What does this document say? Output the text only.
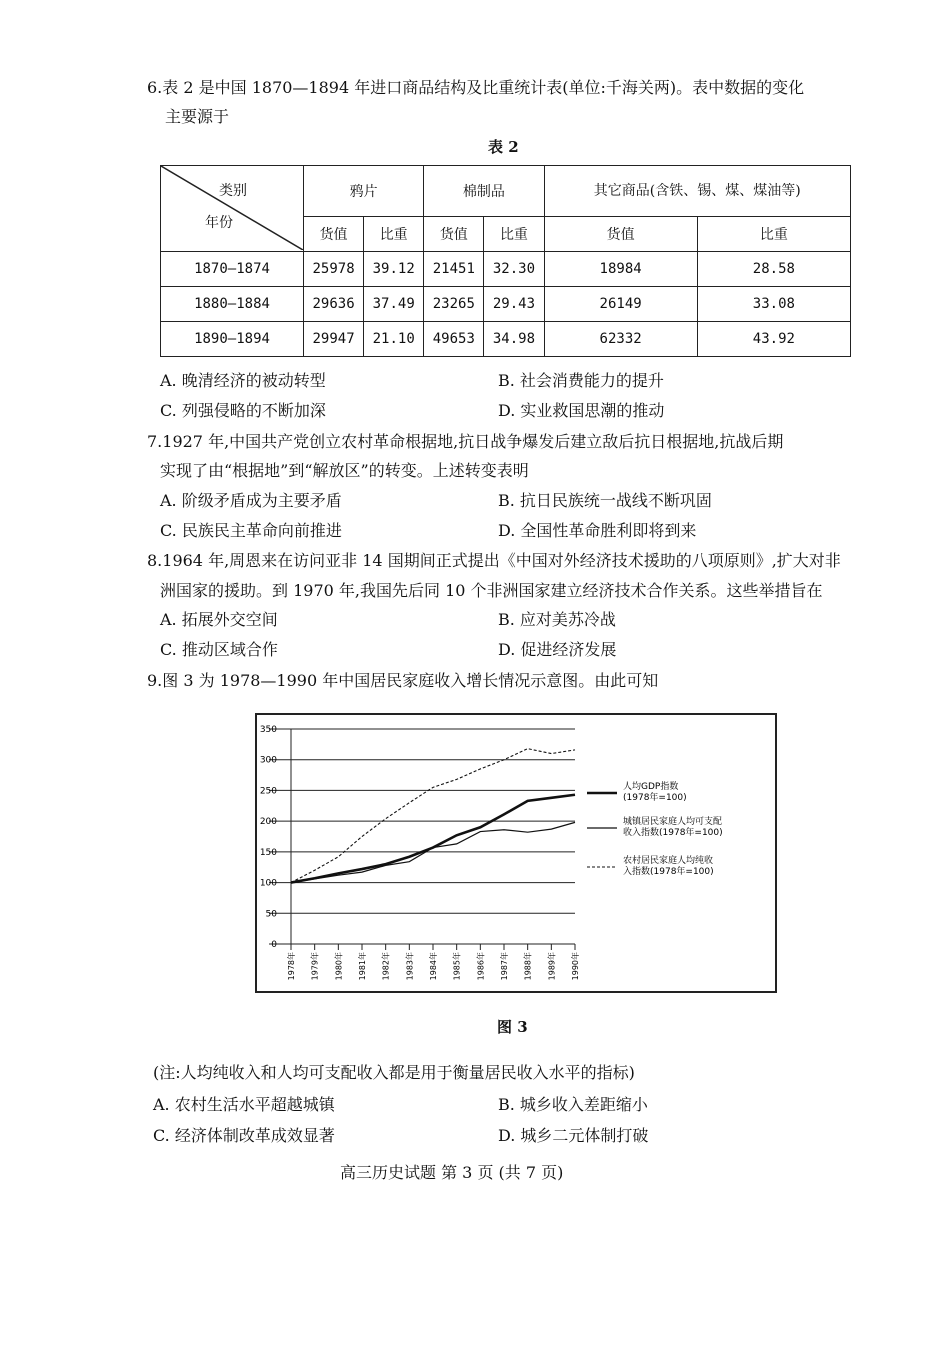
6.表 2 是中国 1870—1894 年进口商品结构及比重统计表(单位:千海关两)。表中数据的变化
主要源于
表 2
类别
年份	鸦片		棉制品		其它商品(含铁、锡、煤、煤油等)	
	货值	比重	货值	比重	货值	比重
1870—1874	25978	39.12	21451	32.30	18984	28.58
1880—1884	29636	37.49	23265	29.43	26149	33.08
1890—1894	29947	21.10	49653	34.98	62332	43.92
A. 晚清经济的被动转型	B. 社会消费能力的提升
C. 列强侵略的不断加深	D. 实业救国思潮的推动
7.1927 年,中国共产党创立农村革命根据地,抗日战争爆发后建立敌后抗日根据地,抗战后期
实现了由“根据地”到“解放区”的转变。上述转变表明
A. 阶级矛盾成为主要矛盾	B. 抗日民族统一战线不断巩固
C. 民族民主革命向前推进	D. 全国性革命胜利即将到来
8.1964 年,周恩来在访问亚非 14 国期间正式提出《中国对外经济技术援助的八项原则》,扩大对非
洲国家的援助。到 1970 年,我国先后同 10 个非洲国家建立经济技术合作关系。这些举措旨在
A. 拓展外交空间	B. 应对美苏冷战
C. 推动区域合作	D. 促进经济发展
9.图 3 为 1978—1990 年中国居民家庭收入增长情况示意图。由此可知
0
50
100
150
200
250
300
350
1978年 1979年 1980年 1981年 1982年 1983年 1984年 1985年 1986年 1987年 1988年 1989年 1990年
人均GDP指数
(1978年=100)
城镇居民家庭人均可支配
收入指数(1978年=100)
农村居民家庭人均纯收
入指数(1978年=100)
图 3
(注:人均纯收入和人均可支配收入都是用于衡量居民收入水平的指标)
A. 农村生活水平超越城镇	B. 城乡收入差距缩小
C. 经济体制改革成效显著	D. 城乡二元体制打破
高三历史试题 第 3 页 (共 7 页)
